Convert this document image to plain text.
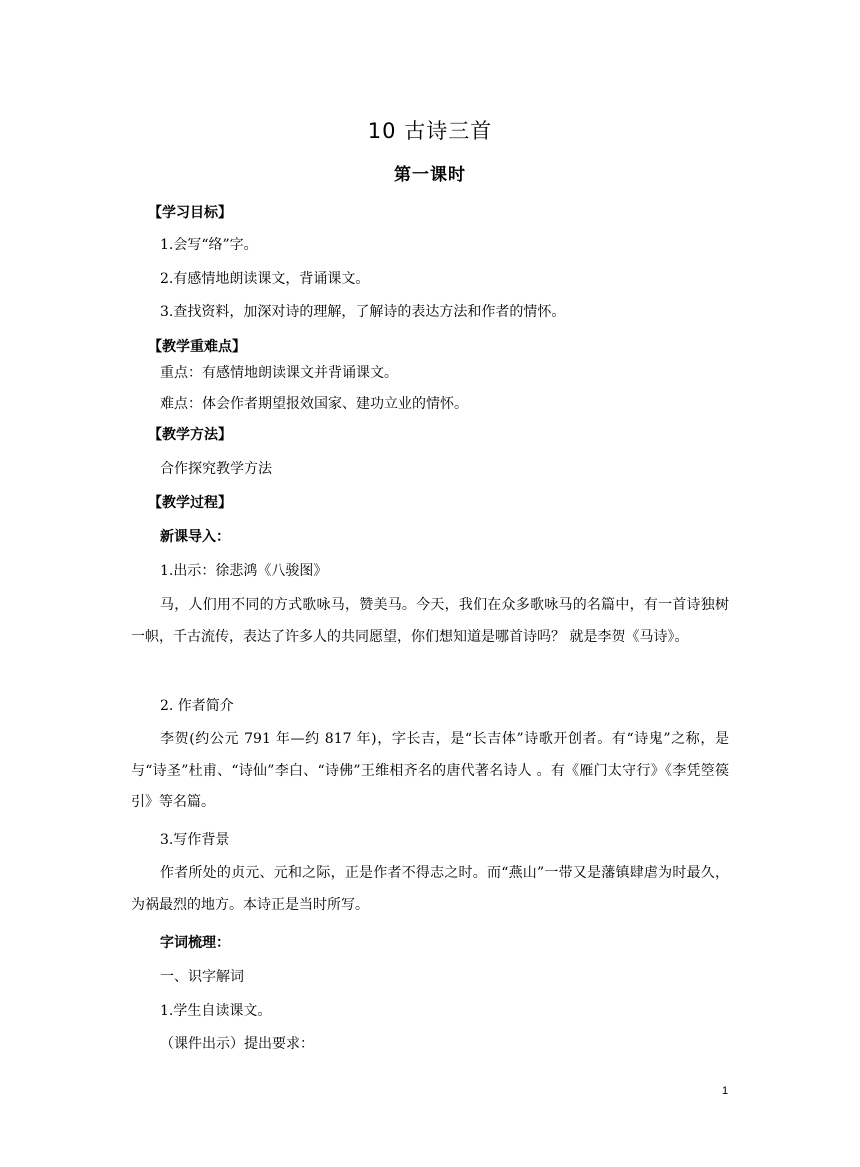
10 古诗三首
第一课时
【学习目标】
1.会写“络”字。
2.有感情地朗读课文，背诵课文。
3.查找资料，加深对诗的理解，了解诗的表达方法和作者的情怀。
【教学重难点】
重点：有感情地朗读课文并背诵课文。
难点：体会作者期望报效国家、建功立业的情怀。
【教学方法】
合作探究教学方法
【教学过程】
新课导入：
1.出示：徐悲鸿《八骏图》

马，人们用不同的方式歌咏马，赞美马。今天，我们在众多歌咏马的名篇中，有一首诗独树一帜，千古流传，表达了许多人的共同愿望，你们想知道是哪首诗吗？ 就是李贺《马诗》。

2. 作者简介

李贺(约公元 791 年—约 817 年)，字长吉，是“长吉体”诗歌开创者。有“诗鬼”之称，是与“诗圣”杜甫、“诗仙”李白、“诗佛”王维相齐名的唐代著名诗人 。有《雁门太守行》《李凭箜篌引》等名篇。

3.写作背景

作者所处的贞元、元和之际，正是作者不得志之时。而“燕山”一带又是藩镇肆虐为时最久，为祸最烈的地方。本诗正是当时所写。

字词梳理：
一、识字解词
1.学生自读课文。
（课件出示）提出要求：
1
